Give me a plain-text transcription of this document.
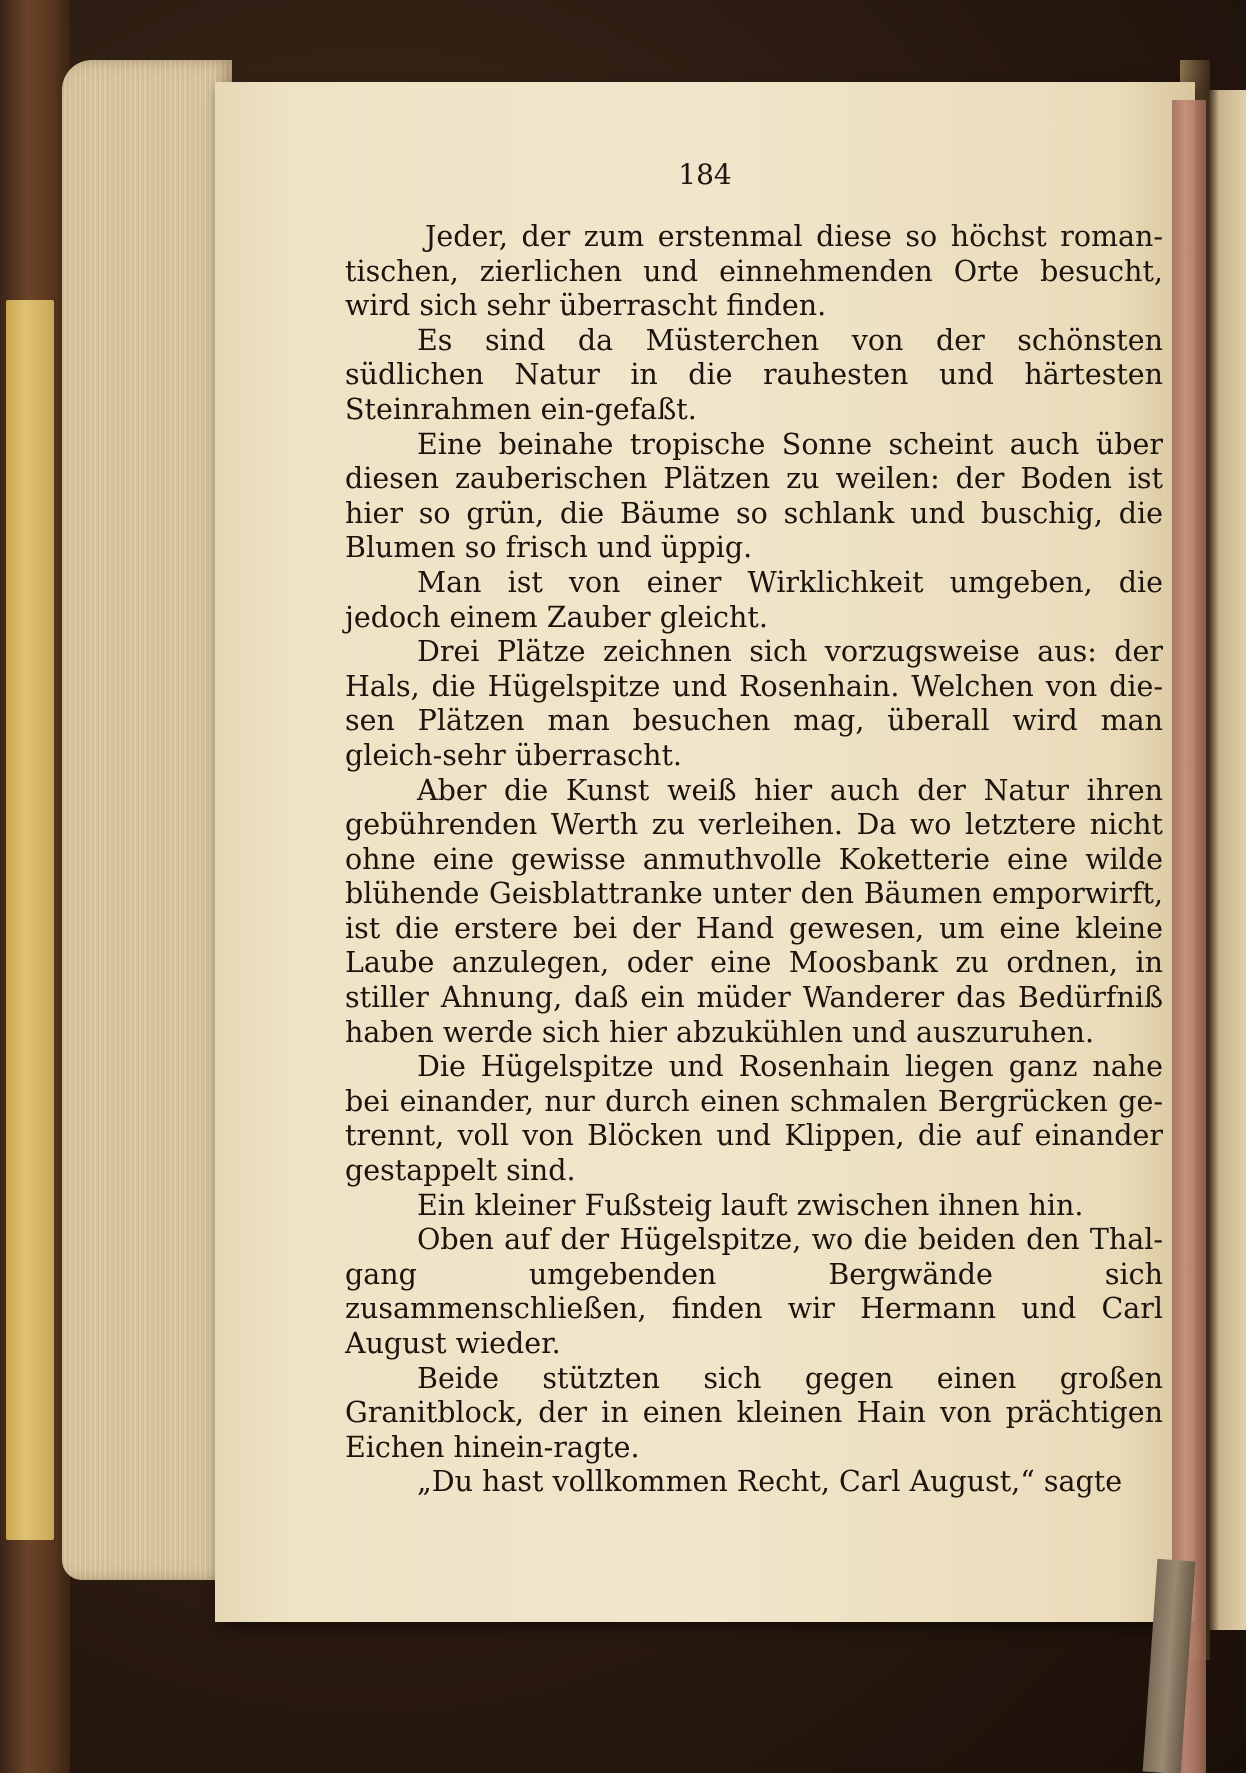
184

Jeder, der zum erstenmal diese so höchst roman-tischen, zierlichen und einnehmenden Orte besucht, wird sich sehr überrascht finden.

Es sind da Müsterchen von der schönsten südlichen Natur in die rauhesten und härtesten Steinrahmen ein-gefaßt.

Eine beinahe tropische Sonne scheint auch über diesen zauberischen Plätzen zu weilen: der Boden ist hier so grün, die Bäume so schlank und buschig, die Blumen so frisch und üppig.

Man ist von einer Wirklichkeit umgeben, die jedoch einem Zauber gleicht.

Drei Plätze zeichnen sich vorzugsweise aus: der Hals, die Hügelspitze und Rosenhain. Welchen von die-sen Plätzen man besuchen mag, überall wird man gleich-sehr überrascht.

Aber die Kunst weiß hier auch der Natur ihren gebührenden Werth zu verleihen. Da wo letztere nicht ohne eine gewisse anmuthvolle Koketterie eine wilde blühende Geisblattranke unter den Bäumen emporwirft, ist die erstere bei der Hand gewesen, um eine kleine Laube anzulegen, oder eine Moosbank zu ordnen, in stiller Ahnung, daß ein müder Wanderer das Bedürfniß haben werde sich hier abzukühlen und auszuruhen.

Die Hügelspitze und Rosenhain liegen ganz nahe bei einander, nur durch einen schmalen Bergrücken ge-trennt, voll von Blöcken und Klippen, die auf einander gestappelt sind.

Ein kleiner Fußsteig lauft zwischen ihnen hin.

Oben auf der Hügelspitze, wo die beiden den Thal-gang umgebenden Bergwände sich zusammenschließen, finden wir Hermann und Carl August wieder.

Beide stützten sich gegen einen großen Granitblock, der in einen kleinen Hain von prächtigen Eichen hinein-ragte.

„Du hast vollkommen Recht, Carl August,“ sagte
